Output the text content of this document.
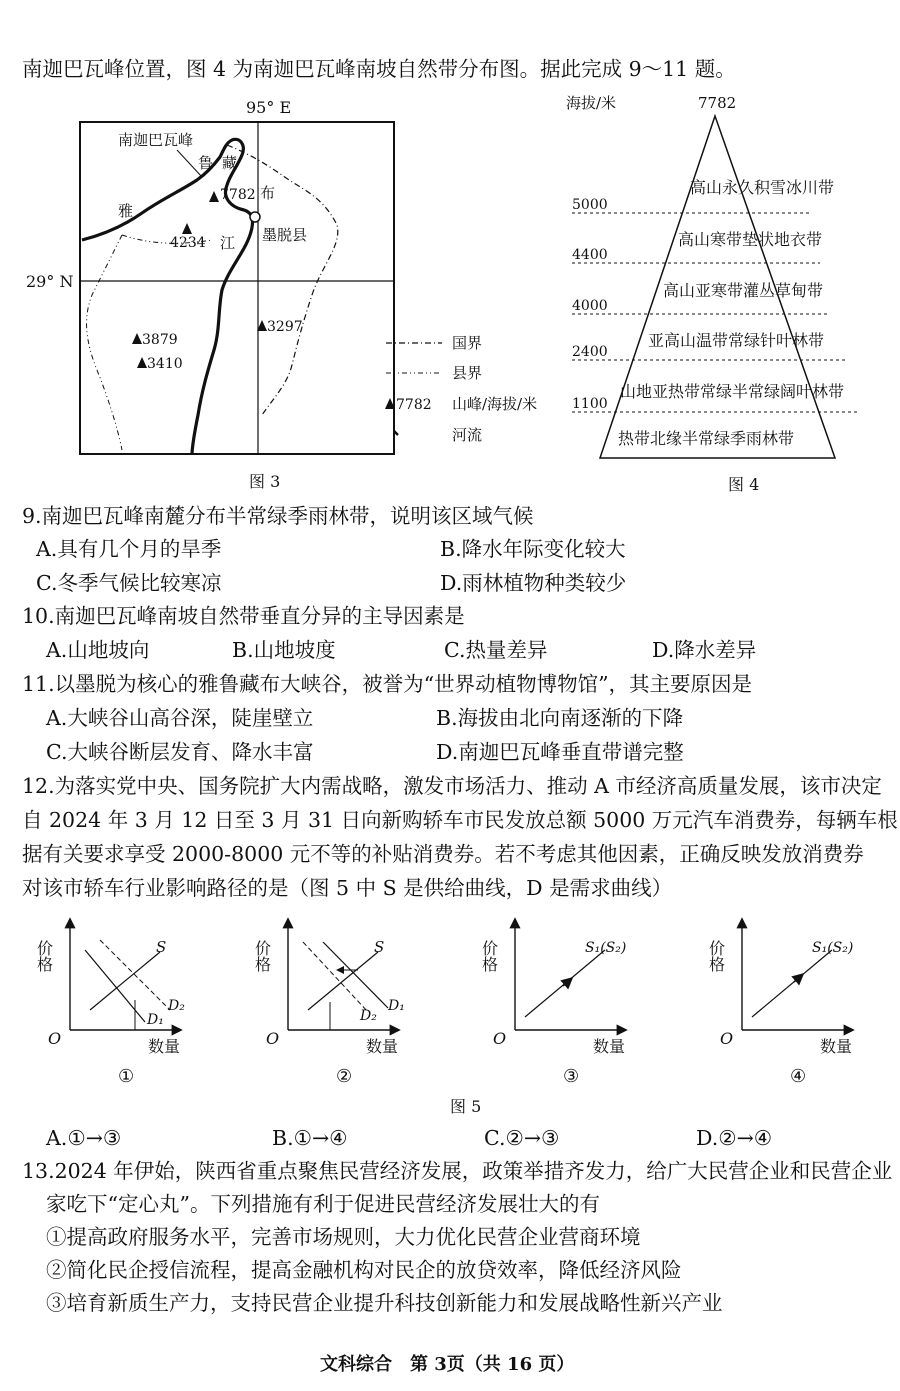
南迦巴瓦峰位置，图 4 为南迦巴瓦峰南坡自然带分布图。据此完成 9～11 题。
95° E
29° N
南迦巴瓦峰
鲁
雅
藏
布
江 墨脱县
7782
4234
3879
3410
3297
国界
县界
7782 山峰/海拔/米
河流
图 3
海拔/米	7782
5000
4400
4000
2400
1100
高山永久积雪冰川带
高山寒带垫状地衣带
高山亚寒带灌丛草甸带
亚高山温带常绿针叶林带
山地亚热带常绿半常绿阔叶林带
热带北缘半常绿季雨林带
图 4
9.南迦巴瓦峰南麓分布半常绿季雨林带，说明该区域气候
A.具有几个月的旱季	B.降水年际变化较大
C.冬季气候比较寒凉	D.雨林植物种类较少
10.南迦巴瓦峰南坡自然带垂直分异的主导因素是
A.山地坡向	B.山地坡度	C.热量差异	D.降水差异
11.以墨脱为核心的雅鲁藏布大峡谷，被誉为“世界动植物博物馆”，其主要原因是
A.大峡谷山高谷深，陡崖壁立	B.海拔由北向南逐渐的下降
C.大峡谷断层发育、降水丰富	D.南迦巴瓦峰垂直带谱完整
12.为落实党中央、国务院扩大内需战略，激发市场活力、推动 A 市经济高质量发展，该市决定
自 2024 年 3 月 12 日至 3 月 31 日向新购轿车市民发放总额 5000 万元汽车消费券，每辆车根
据有关要求享受 2000-8000 元不等的补贴消费券。若不考虑其他因素，正确反映发放消费券
对该市轿车行业影响路径的是（图 5 中 S 是供给曲线，D 是需求曲线）
价格
O	数量
S
D₂
D₁
①
价格
O	数量
S
D₂
D₁
②
价格
O	数量
S₁(S₂)
③
价格
O	数量
S₁(S₂)
④
图 5
A.①→③	B.①→④	C.②→③	D.②→④
13.2024 年伊始，陕西省重点聚焦民营经济发展，政策举措齐发力，给广大民营企业和民营企业
家吃下“定心丸”。下列措施有利于促进民营经济发展壮大的有
①提高政府服务水平，完善市场规则，大力优化民营企业营商环境
②简化民企授信流程，提高金融机构对民企的放贷效率，降低经济风险
③培育新质生产力，支持民营企业提升科技创新能力和发展战略性新兴产业
文科综合　第 3页（共 16 页）
